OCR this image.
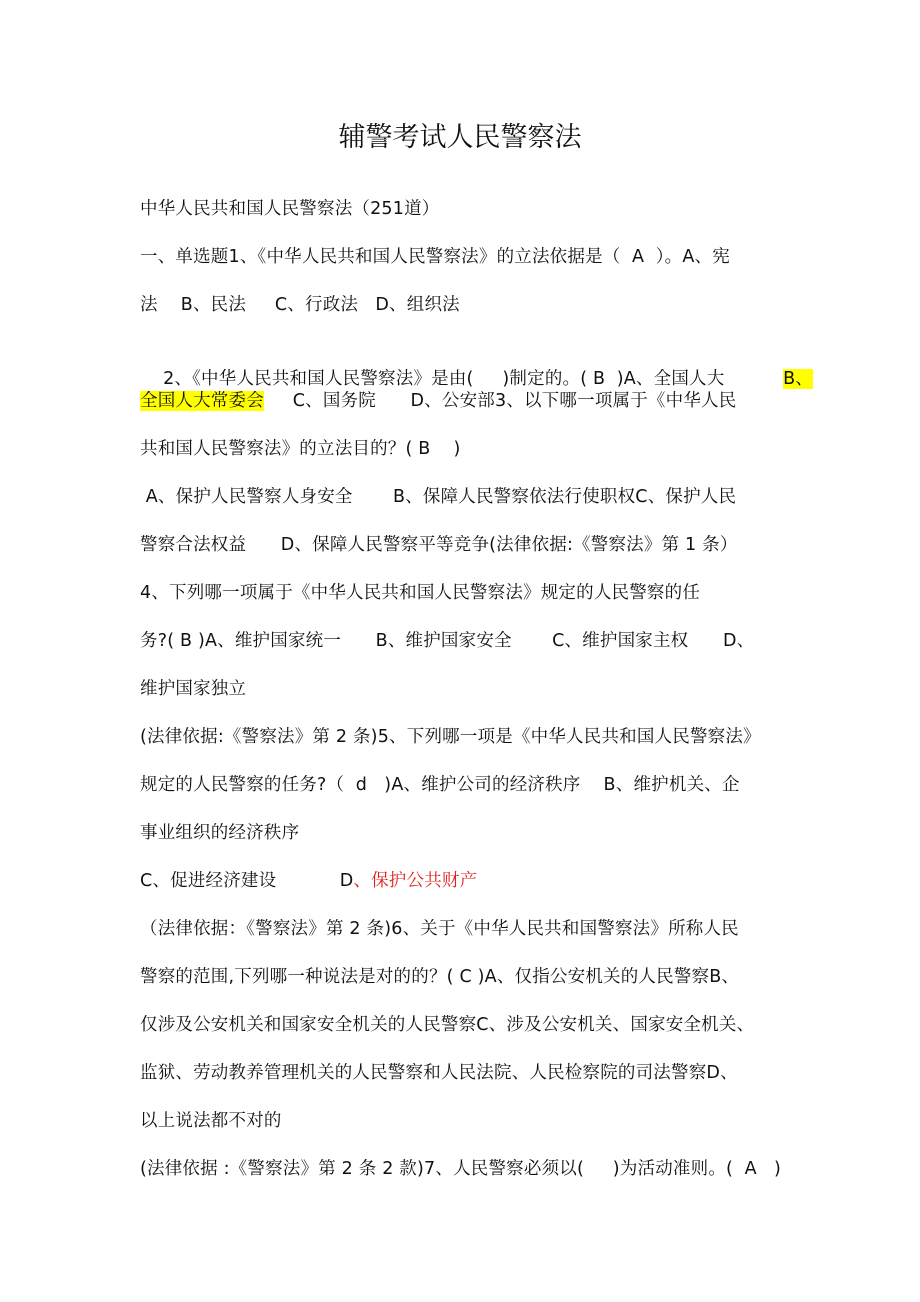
辅警考试人民警察法
中华人民共和国人民警察法（251道）
一、单选题1、《中华人民共和国人民警察法》的立法依据是（  A  ）。A、宪
法    B、民法     C、行政法   D、组织法

2、《中华人民共和国人民警察法》是由(     )制定的。( B  )A、全国人大
	B、

全国人大常委会     C、国务院      D、公安部3、以下哪一项属于《中华人民
共和国人民警察法》的立法目的？( B    )
A、保护人民警察人身安全       B、保障人民警察依法行使职权C、保护人民
警察合法权益      D、保障人民警察平等竞争(法律依据:《警察法》第 1 条）
4、下列哪一项属于《中华人民共和国人民警察法》规定的人民警察的任
务?( B )A、维护国家统一      B、维护国家安全       C、维护国家主权      D、
维护国家独立
(法律依据:《警察法》第 2 条)5、下列哪一项是《中华人民共和国人民警察法》
规定的人民警察的任务?（  d   )A、维护公司的经济秩序    B、维护机关、企
事业组织的经济秩序
C、促进经济建设           D、保护公共财产
（法律依据：《警察法》第 2 条)6、关于《中华人民共和国警察法》所称人民
警察的范围,下列哪一种说法是对的的？( C )A、仅指公安机关的人民警察B、
仅涉及公安机关和国家安全机关的人民警察C、涉及公安机关、国家安全机关、
监狱、劳动教养管理机关的人民警察和人民法院、人民检察院的司法警察D、
以上说法都不对的
(法律依据 :《警察法》第 2 条 2 款)7、人民警察必须以(     )为活动准则。(  A   )
